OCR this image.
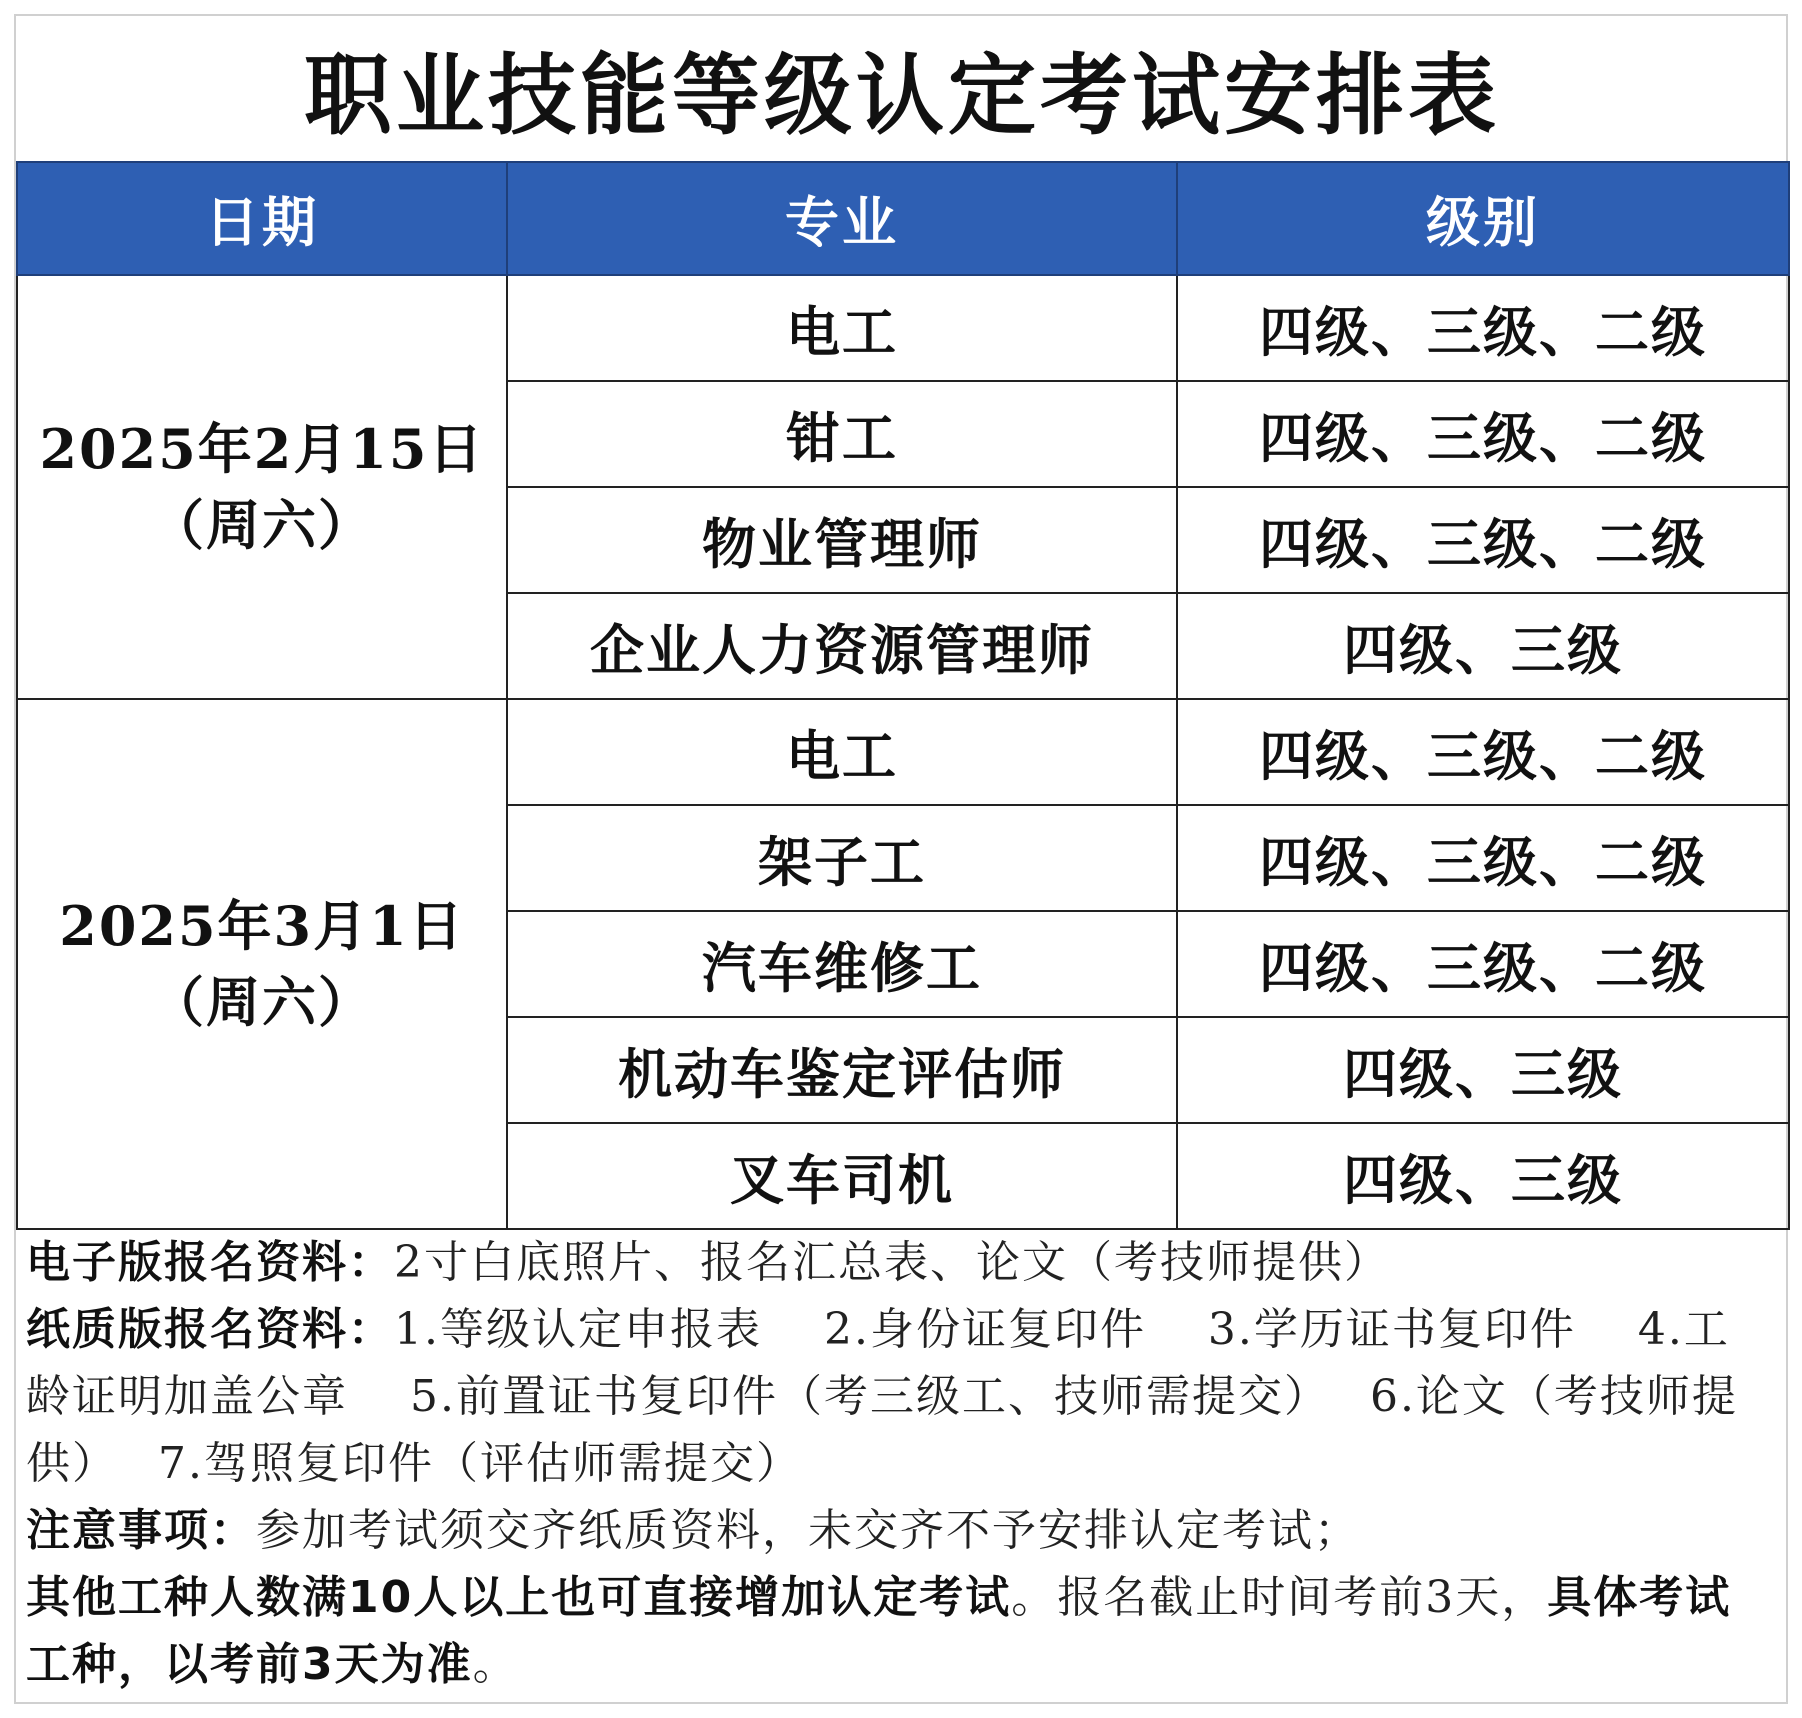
职业技能等级认定考试安排表
日期	专业	级别

2025年2月15日
（周六）	电工	四级、三级、二级
	钳工	四级、三级、二级
	物业管理师	四级、三级、二级
	企业人力资源管理师	四级、三级

2025年3月1日
（周六）	电工	四级、三级、二级
	架子工	四级、三级、二级
	汽车维修工	四级、三级、二级
	机动车鉴定评估师	四级、三级
	叉车司机	四级、三级

电子版报名资料：2寸白底照片、报名汇总表、论文（考技师提供）

纸质版报名资料：1.等级认定申报表　 2.身份证复印件　 3.学历证书复印件　 4.工龄证明加盖公章　 5.前置证书复印件（考三级工、技师需提交）　 6.论文（考技师提供）　 7.驾照复印件（评估师需提交）

注意事项：参加考试须交齐纸质资料，未交齐不予安排认定考试；

其他工种人数满10人以上也可直接增加认定考试。报名截止时间考前3天，具体考试工种，以考前3天为准。
